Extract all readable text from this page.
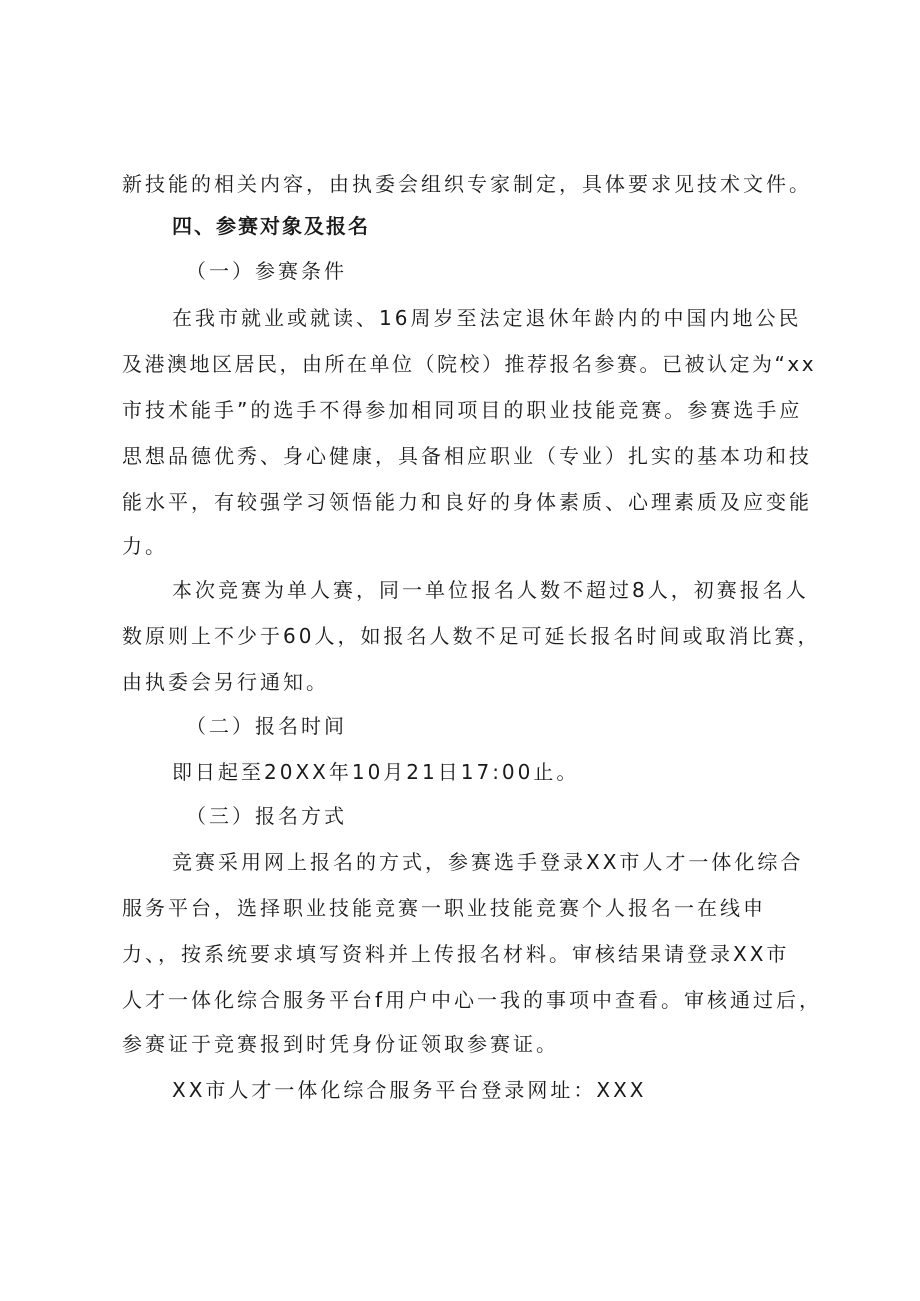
新技能的相关内容，由执委会组织专家制定，具体要求见技术文件。
四、参赛对象及报名
（一）参赛条件
在我市就业或就读、16周岁至法定退休年龄内的中国内地公民
及港澳地区居民，由所在单位（院校）推荐报名参赛。已被认定为“xx
市技术能手”的选手不得参加相同项目的职业技能竞赛。参赛选手应
思想品德优秀、身心健康，具备相应职业（专业）扎实的基本功和技
能水平，有较强学习领悟能力和良好的身体素质、心理素质及应变能
力。
本次竞赛为单人赛，同一单位报名人数不超过8人，初赛报名人
数原则上不少于60人，如报名人数不足可延长报名时间或取消比赛，
由执委会另行通知。
（二）报名时间
即日起至20XX年10月21日17:00止。
（三）报名方式
竞赛采用网上报名的方式，参赛选手登录XX市人才一体化综合
服务平台，选择职业技能竞赛一职业技能竞赛个人报名一在线申
力、，按系统要求填写资料并上传报名材料。审核结果请登录XX市
人才一体化综合服务平台f用户中心一我的事项中查看。审核通过后，
参赛证于竞赛报到时凭身份证领取参赛证。
XX市人才一体化综合服务平台登录网址：XXX
